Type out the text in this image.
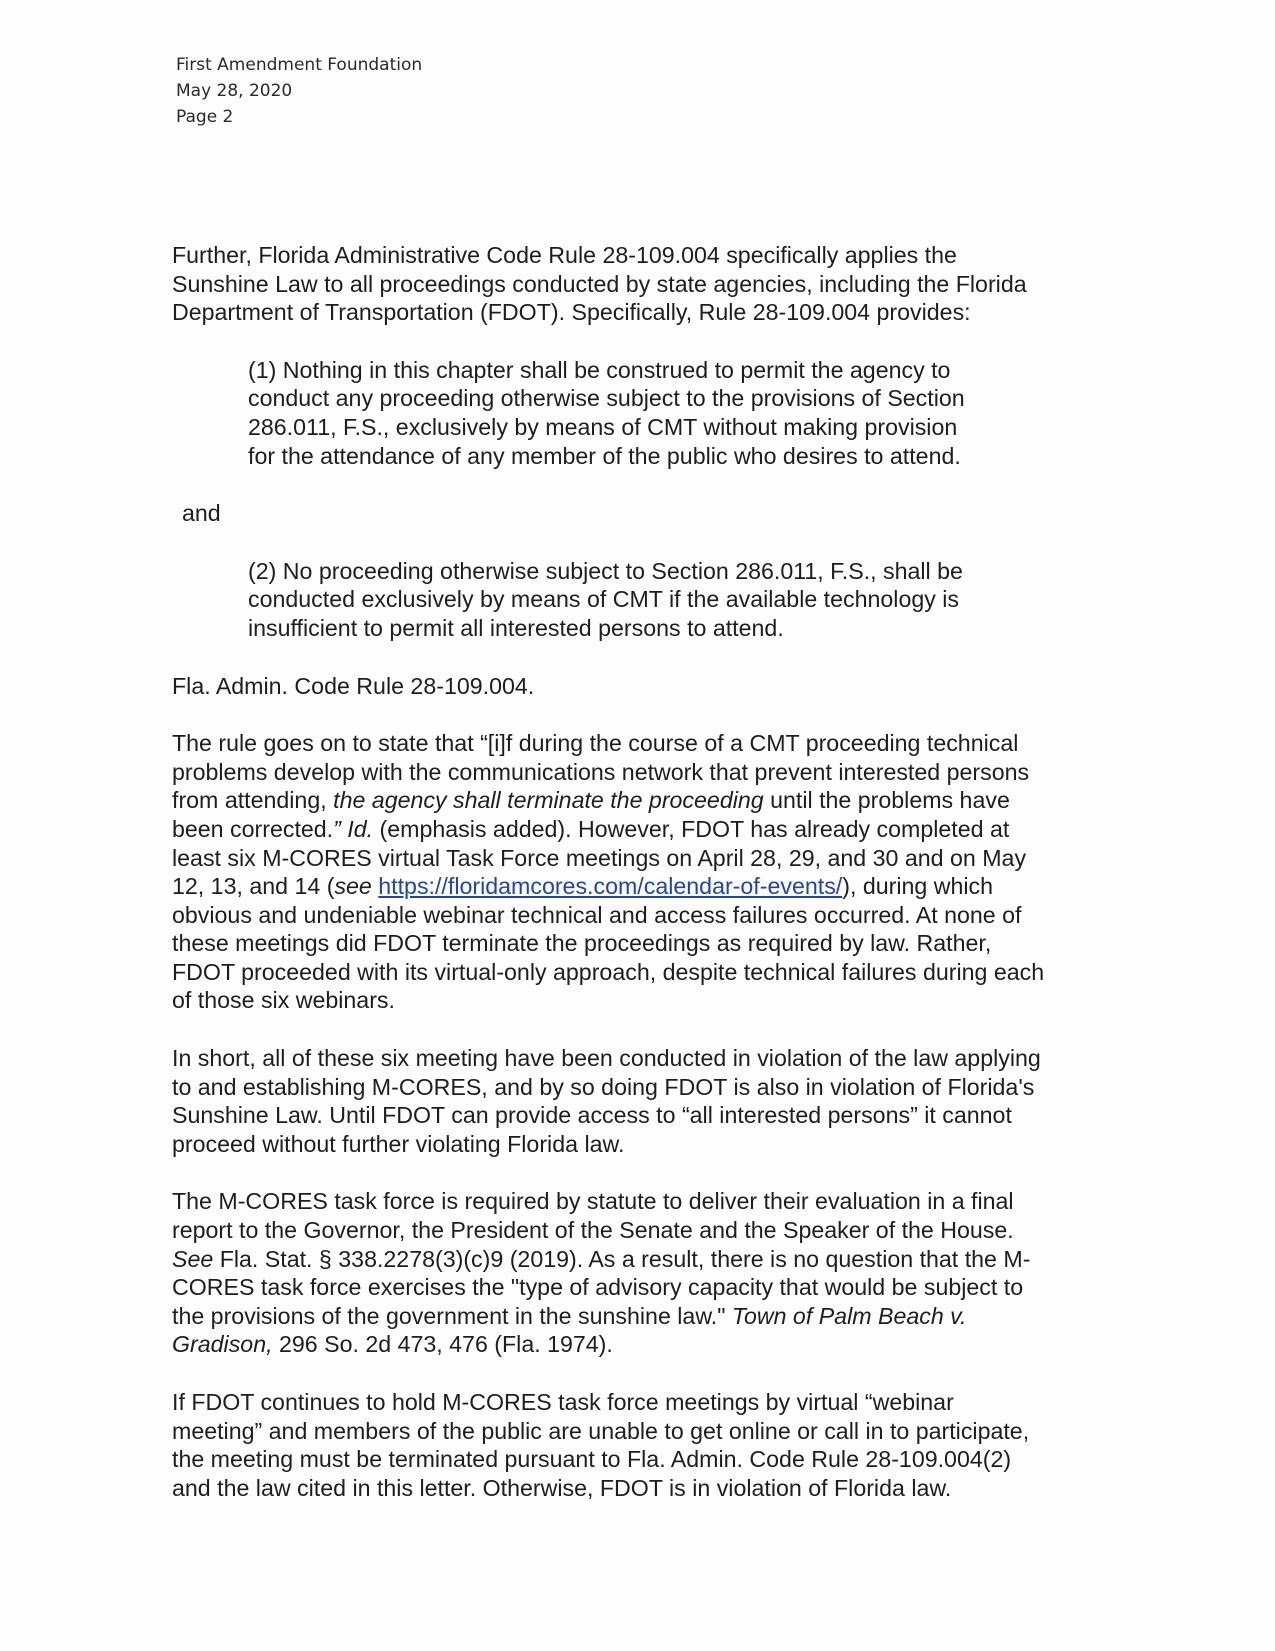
First Amendment Foundation
May 28, 2020
Page 2
Further, Florida Administrative Code Rule 28-109.004 specifically applies the
Sunshine Law to all proceedings conducted by state agencies, including the Florida
Department of Transportation (FDOT). Specifically, Rule 28-109.004 provides:
(1) Nothing in this chapter shall be construed to permit the agency to
conduct any proceeding otherwise subject to the provisions of Section
286.011, F.S., exclusively by means of CMT without making provision
for the attendance of any member of the public who desires to attend.
and
(2) No proceeding otherwise subject to Section 286.011, F.S., shall be
conducted exclusively by means of CMT if the available technology is
insufficient to permit all interested persons to attend.
Fla. Admin. Code Rule 28-109.004.
The rule goes on to state that “[i]f during the course of a CMT proceeding technical
problems develop with the communications network that prevent interested persons
from attending, the agency shall terminate the proceeding until the problems have
been corrected.” Id. (emphasis added). However, FDOT has already completed at
least six M-CORES virtual Task Force meetings on April 28, 29, and 30 and on May
12, 13, and 14 (see https://floridamcores.com/calendar-of-events/), during which
obvious and undeniable webinar technical and access failures occurred. At none of
these meetings did FDOT terminate the proceedings as required by law. Rather,
FDOT proceeded with its virtual-only approach, despite technical failures during each
of those six webinars.
In short, all of these six meeting have been conducted in violation of the law applying
to and establishing M-CORES, and by so doing FDOT is also in violation of Florida's
Sunshine Law. Until FDOT can provide access to “all interested persons” it cannot
proceed without further violating Florida law.
The M-CORES task force is required by statute to deliver their evaluation in a final
report to the Governor, the President of the Senate and the Speaker of the House.
See Fla. Stat. § 338.2278(3)(c)9 (2019). As a result, there is no question that the M-
CORES task force exercises the "type of advisory capacity that would be subject to
the provisions of the government in the sunshine law." Town of Palm Beach v.
Gradison, 296 So. 2d 473, 476 (Fla. 1974).
If FDOT continues to hold M-CORES task force meetings by virtual “webinar
meeting” and members of the public are unable to get online or call in to participate,
the meeting must be terminated pursuant to Fla. Admin. Code Rule 28-109.004(2)
and the law cited in this letter. Otherwise, FDOT is in violation of Florida law.
